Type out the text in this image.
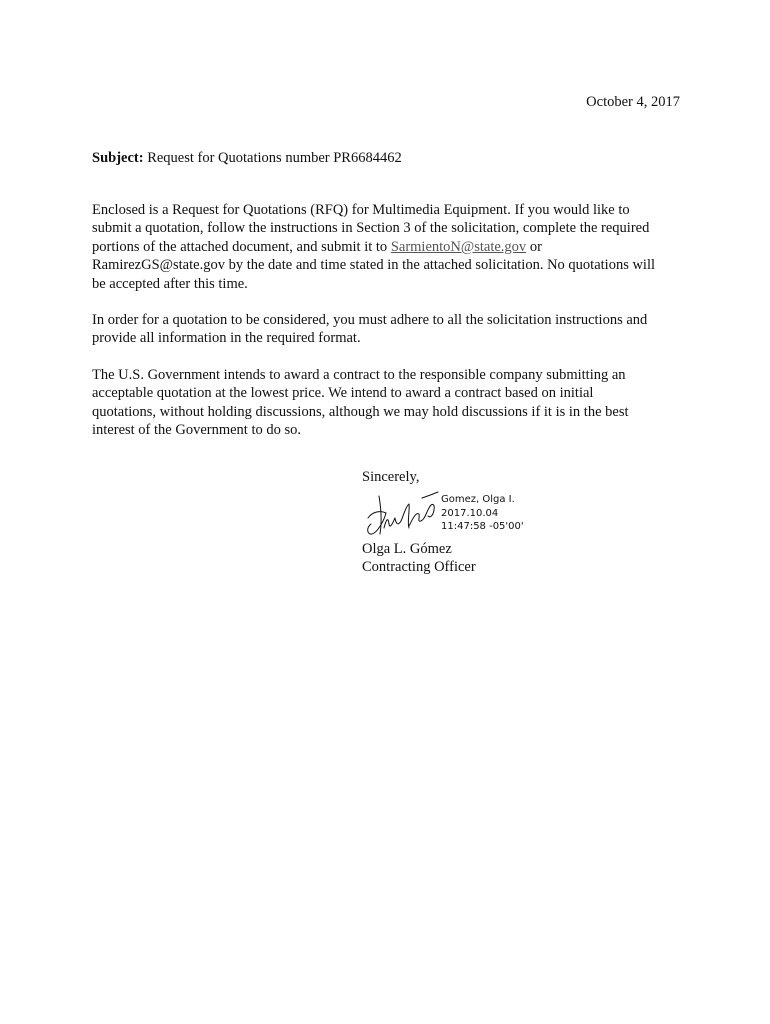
October 4, 2017
Subject: Request for Quotations number PR6684462

Enclosed is a Request for Quotations (RFQ) for Multimedia Equipment. If you would like to
submit a quotation, follow the instructions in Section 3 of the solicitation, complete the required
portions of the attached document, and submit it to SarmientoN@state.gov or
RamirezGS@state.gov by the date and time stated in the attached solicitation. No quotations will
be accepted after this time.

In order for a quotation to be considered, you must adhere to all the solicitation instructions and
provide all information in the required format.

The U.S. Government intends to award a contract to the responsible company submitting an
acceptable quotation at the lowest price. We intend to award a contract based on initial
quotations, without holding discussions, although we may hold discussions if it is in the best
interest of the Government to do so.

Sincerely,
Gomez, Olga I.
2017.10.04
11:47:58 -05'00'
Olga L. Gómez
Contracting Officer
